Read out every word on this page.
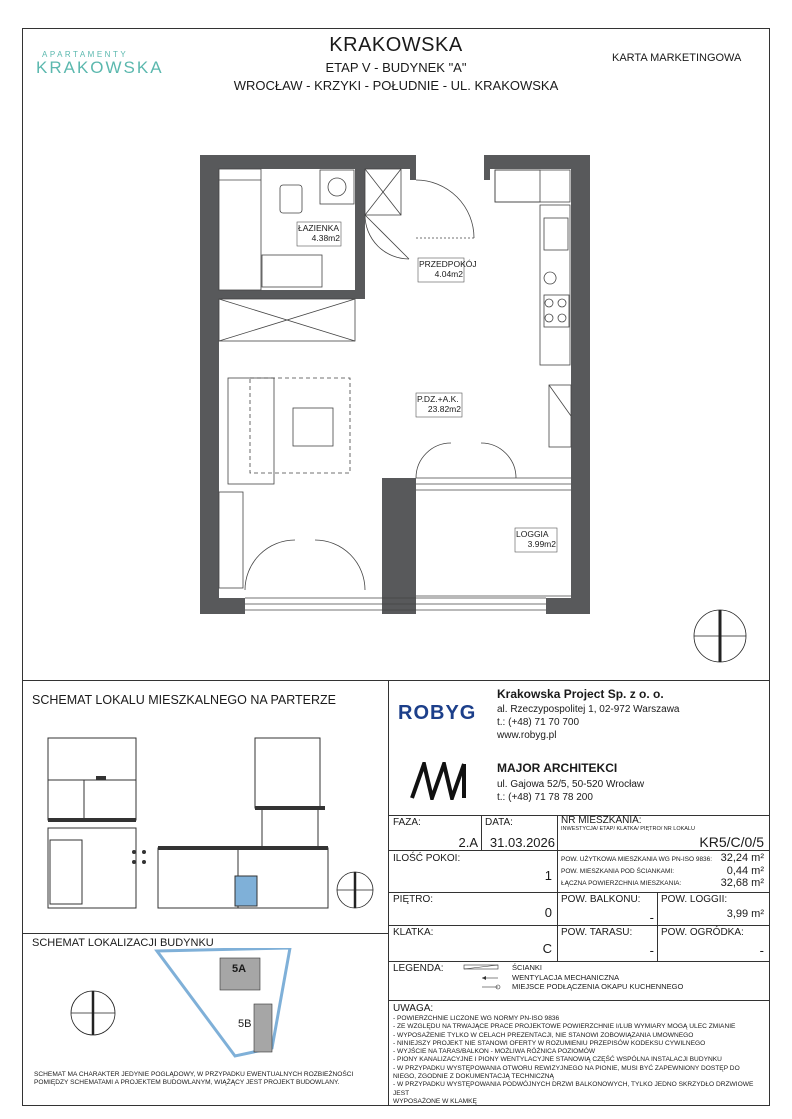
APARTAMENTY
KRAKOWSKA
KRAKOWSKA
ETAP V - BUDYNEK "A"
WROCŁAW - KRZYKI - POŁUDNIE - UL. KRAKOWSKA
KARTA MARKETINGOWA
ŁAZIENKA
4.38m2
PRZEDPOKÓJ
4.04m2
P.DZ.+A.K.
23.82m2
LOGGIA
3.99m2
SCHEMAT LOKALU MIESZKALNEGO NA PARTERZE
SCHEMAT LOKALIZACJI BUDYNKU
5A
5B
SCHEMAT MA CHARAKTER JEDYNIE POGLĄDOWY, W PRZYPADKU EWENTUALNYCH ROZBIEŻNOŚCI POMIĘDZY SCHEMATAMI A PROJEKTEM BUDOWLANYM, WIĄŻĄCY JEST PROJEKT BUDOWLANY.
ROBYG
Krakowska Project Sp. z o. o.
al. Rzeczypospolitej 1, 02-972 Warszawa
t.: (+48) 71 70 700
www.robyg.pl
MAJOR ARCHITEKCI
ul. Gajowa 52/5, 50-520 Wrocław
t.: (+48) 71 78 78 200
FAZA:
2.A
DATA:
31.03.2026
NR MIESZKANIA:
INWESTYCJA/ ETAP/ KLATKA/ PIĘTRO/ NR LOKALU
KR5/C/0/5
ILOŚĆ POKOI:
1
POW. UŻYTKOWA MIESZKANIA WG PN-ISO 9836: 32,24 m²
POW. MIESZKANIA POD ŚCIANKAMI:	0,44 m²
ŁĄCZNA POWIERZCHNIA MIESZKANIA:	32,68 m²
PIĘTRO:
0
POW. BALKONU:
-
POW. LOGGII:
3,99 m²
KLATKA:
C
POW. TARASU:
-
POW. OGRÓDKA:
-
LEGENDA:	ŚCIANKI
WENTYLACJA MECHANICZNA
MIEJSCE PODŁĄCZENIA OKAPU KUCHENNEGO
UWAGA:
- POWIERZCHNIE LICZONE WG NORMY PN-ISO 9836
- ZE WZGLĘDU NA TRWAJĄCE PRACE PROJEKTOWE POWIERZCHNIE I/LUB WYMIARY MOGĄ ULEC ZMIANIE
- WYPOSAŻENIE TYLKO W CELACH PREZENTACJI, NIE STANOWI ZOBOWIĄZANIA UMOWNEGO
- NINIEJSZY PROJEKT NIE STANOWI OFERTY W ROZUMIENIU PRZEPISÓW KODEKSU CYWILNEGO
- WYJŚCIE NA TARAS/BALKON - MOŻLIWA RÓŻNICA POZIOMÓW
- PIONY KANALIZACYJNE I PIONY WENTYLACYJNE STANOWIĄ CZĘŚĆ WSPÓLNA INSTALACJI BUDYNKU
- W PRZYPADKU WYSTĘPOWANIA OTWORU REWIZYJNEGO NA PIONIE, MUSI BYĆ ZAPEWNIONY DOSTĘP DO
NIEGO, ZGODNIE Z DOKUMENTACJĄ TECHNICZNĄ
- W PRZYPADKU WYSTĘPOWANIA PODWÓJNYCH DRZWI BALKONOWYCH, TYLKO JEDNO SKRZYDŁO DRZWIOWE JEST
WYPOSAŻONE W KLAMKĘ
